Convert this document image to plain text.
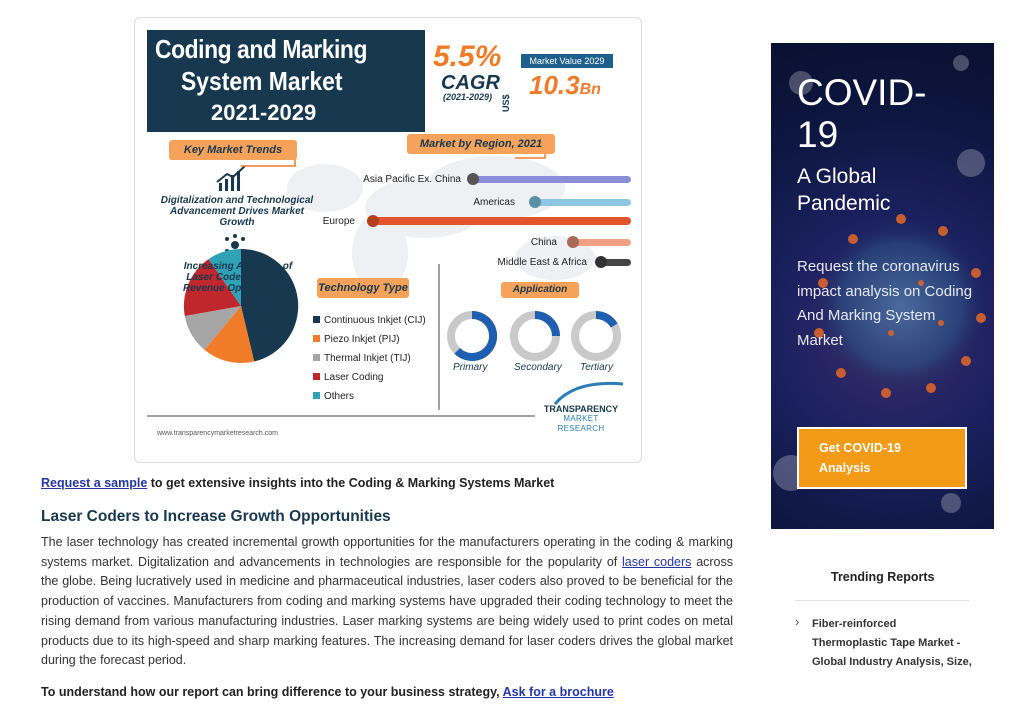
Coding and Marking
System Market
2021-2029
5.5%
CAGR
(2021-2029) US$
Market Value 2029
10.3Bn
Key Market Trends
Digitalization and Technological Advancement Drives Market Growth
Increasing Adoption of Laser Coders Creates Revenue Opportunities
Market by Region, 2021
Asia Pacific Ex. China
Americas
Europe
China
Middle East & Africa
Technology Type
Continuous Inkjet (CIJ)
Piezo Inkjet (PIJ)
Thermal Inkjet (TIJ)
Laser Coding
Others
Application
Primary	Secondary Tertiary
www.transparencymarketresearch.com
TRANSPARENCY
MARKET RESEARCH
Request a sample to get extensive insights into the Coding & Marking Systems Market
Laser Coders to Increase Growth Opportunities

The laser technology has created incremental growth opportunities for the manufacturers operating in the coding & marking systems market. Digitalization and advancements in technologies are responsible for the popularity of laser coders across the globe. Being lucratively used in medicine and pharmaceutical industries, laser coders also proved to be beneficial for the production of vaccines. Manufacturers from coding and marking systems have upgraded their coding technology to meet the rising demand from various manufacturing industries. Laser marking systems are being widely used to print codes on metal products due to its high-speed and sharp marking features. The increasing demand for laser coders drives the global market during the forecast period.

To understand how our report can bring difference to your business strategy, Ask for a brochure
COVID-19
A Global Pandemic
Request the coronavirus impact analysis on Coding And Marking System Market
Get COVID-19 Analysis
Trending Reports
› Fiber-reinforced Thermoplastic Tape Market - Global Industry Analysis, Size,
